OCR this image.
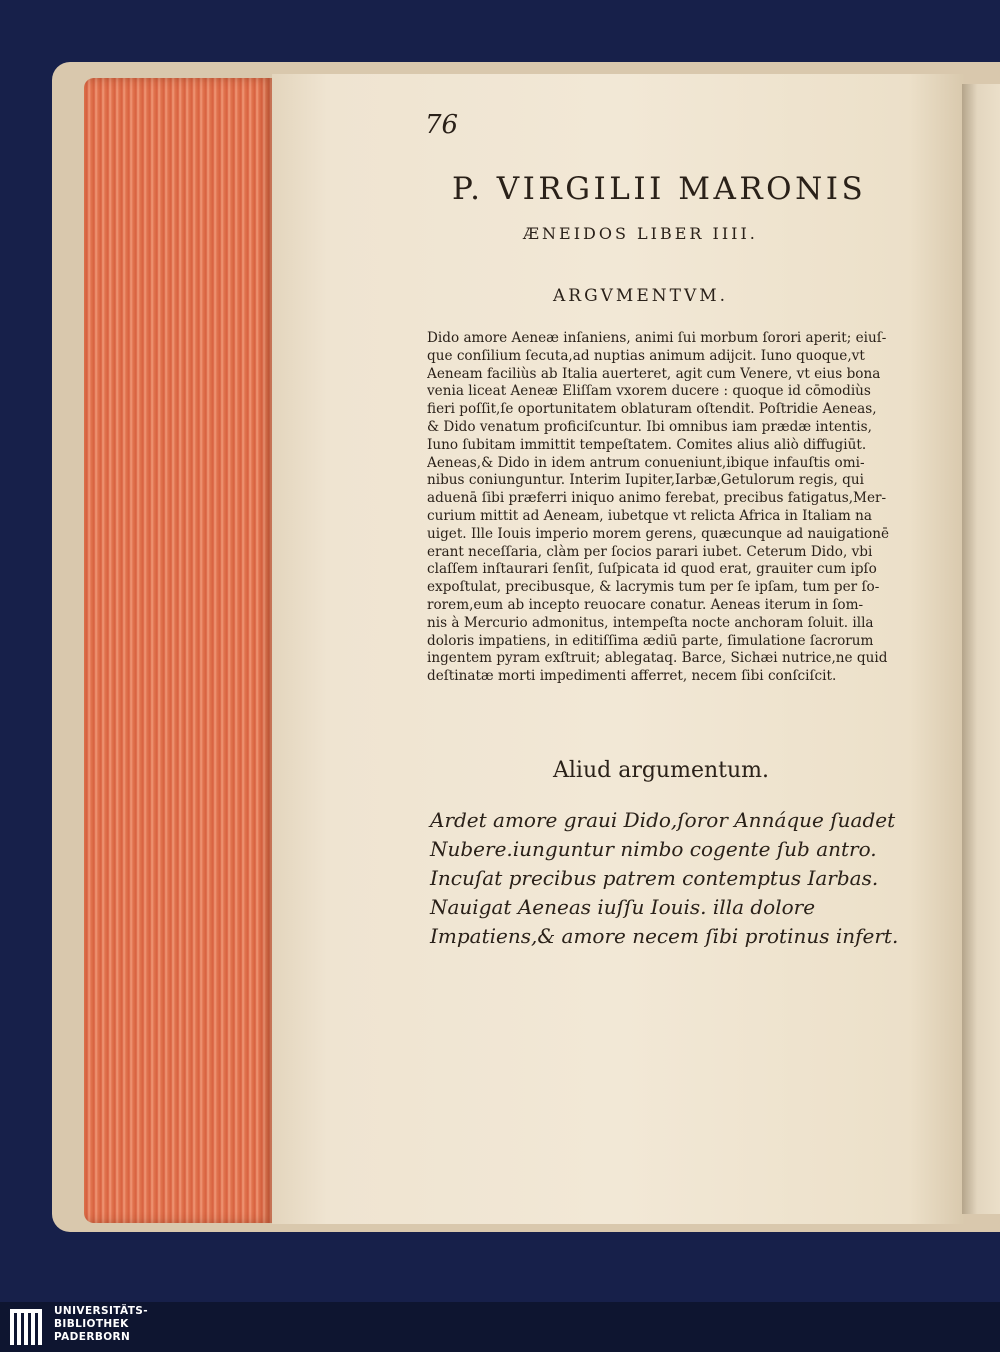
76
P. VIRGILII MARONIS
ÆNEIDOS LIBER IIII.
ARGVMENTVM.
Dido amore Aeneæ inſaniens, animi ſui morbum ſorori aperit; eiuſ-
que conſilium ſecuta,ad nuptias animum adijcit. Iuno quoque,vt
Aeneam faciliùs ab Italia auerteret, agit cum Venere, vt eius bona
venia liceat Aeneæ Eliſſam vxorem ducere : quoque id cōmodiùs
fieri poſſit,ſe oportunitatem oblaturam oſtendit. Poſtridie Aeneas,
& Dido venatum proficiſcuntur. Ibi omnibus iam prædæ intentis,
Iuno ſubitam immittit tempeſtatem. Comites alius aliò diffugiūt.
Aeneas,& Dido in idem antrum conueniunt,ibique infauſtis omi-
nibus coniunguntur. Interim Iupiter,Iarbæ,Getulorum regis, qui
aduenā ſibi præferri iniquo animo ferebat, precibus fatigatus,Mer-
curium mittit ad Aeneam, iubetque vt relicta Africa in Italiam na
uiget. Ille Iouis imperio morem gerens, quæcunque ad nauigationē
erant neceſſaria, clàm per ſocios parari iubet. Ceterum Dido, vbi
claſſem inſtaurari ſenſit, ſuſpicata id quod erat, grauiter cum ipſo
expoſtulat, precibusque, & lacrymis tum per ſe ipſam, tum per ſo-
rorem,eum ab incepto reuocare conatur. Aeneas iterum in ſom-
nis à Mercurio admonitus, intempeſta nocte anchoram ſoluit. illa
doloris impatiens, in editiſſima ædiū parte, ſimulatione ſacrorum
ingentem pyram exſtruit; ablegataq. Barce, Sichæi nutrice,ne quid
deſtinatæ morti impedimenti afferret, necem ſibi conſciſcit.
Aliud argumentum.
Ardet amore graui Dido,ſoror Annáque ſuadet
Nubere.iunguntur nimbo cogente ſub antro.
Incuſat precibus patrem contemptus Iarbas.
Nauigat Aeneas iuſſu Iouis. illa dolore
Impatiens,& amore necem ſibi protinus infert.
UNIVERSITÄTS-
BIBLIOTHEK
PADERBORN
